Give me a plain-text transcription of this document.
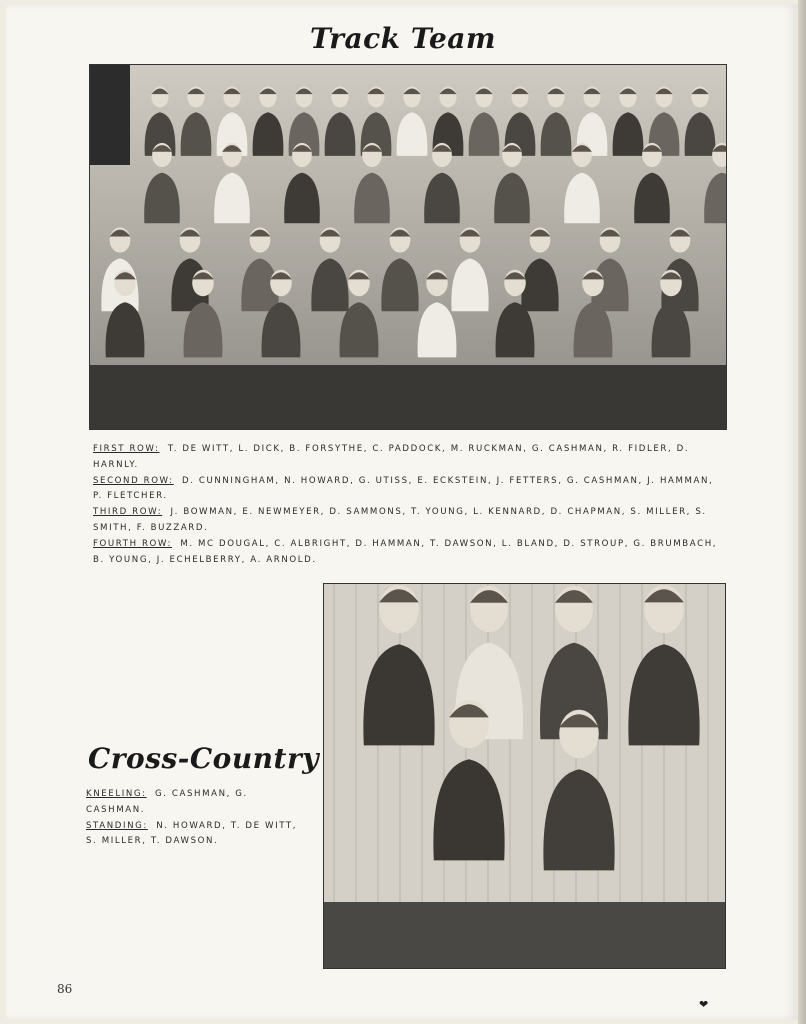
Track Team
FIRST ROW: T. DE WITT, L. DICK, B. FORSYTHE, C. PADDOCK, M. RUCKMAN, G. CASHMAN, R. FIDLER, D. HARNLY.
SECOND ROW: D. CUNNINGHAM, N. HOWARD, G. UTISS, E. ECKSTEIN, J. FETTERS, G. CASHMAN, J. HAMMAN, P. FLETCHER.
THIRD ROW: J. BOWMAN, E. NEWMEYER, D. SAMMONS, T. YOUNG, L. KENNARD, D. CHAPMAN, S. MILLER, S. SMITH, F. BUZZARD.
FOURTH ROW: M. MC DOUGAL, C. ALBRIGHT, D. HAMMAN, T. DAWSON, L. BLAND, D. STROUP, G. BRUMBACH, B. YOUNG, J. ECHELBERRY, A. ARNOLD.
Cross-Country
KNEELING: G. CASHMAN, G. CASHMAN.
STANDING: N. HOWARD, T. DE WITT, S. MILLER, T. DAWSON.
86
❤
